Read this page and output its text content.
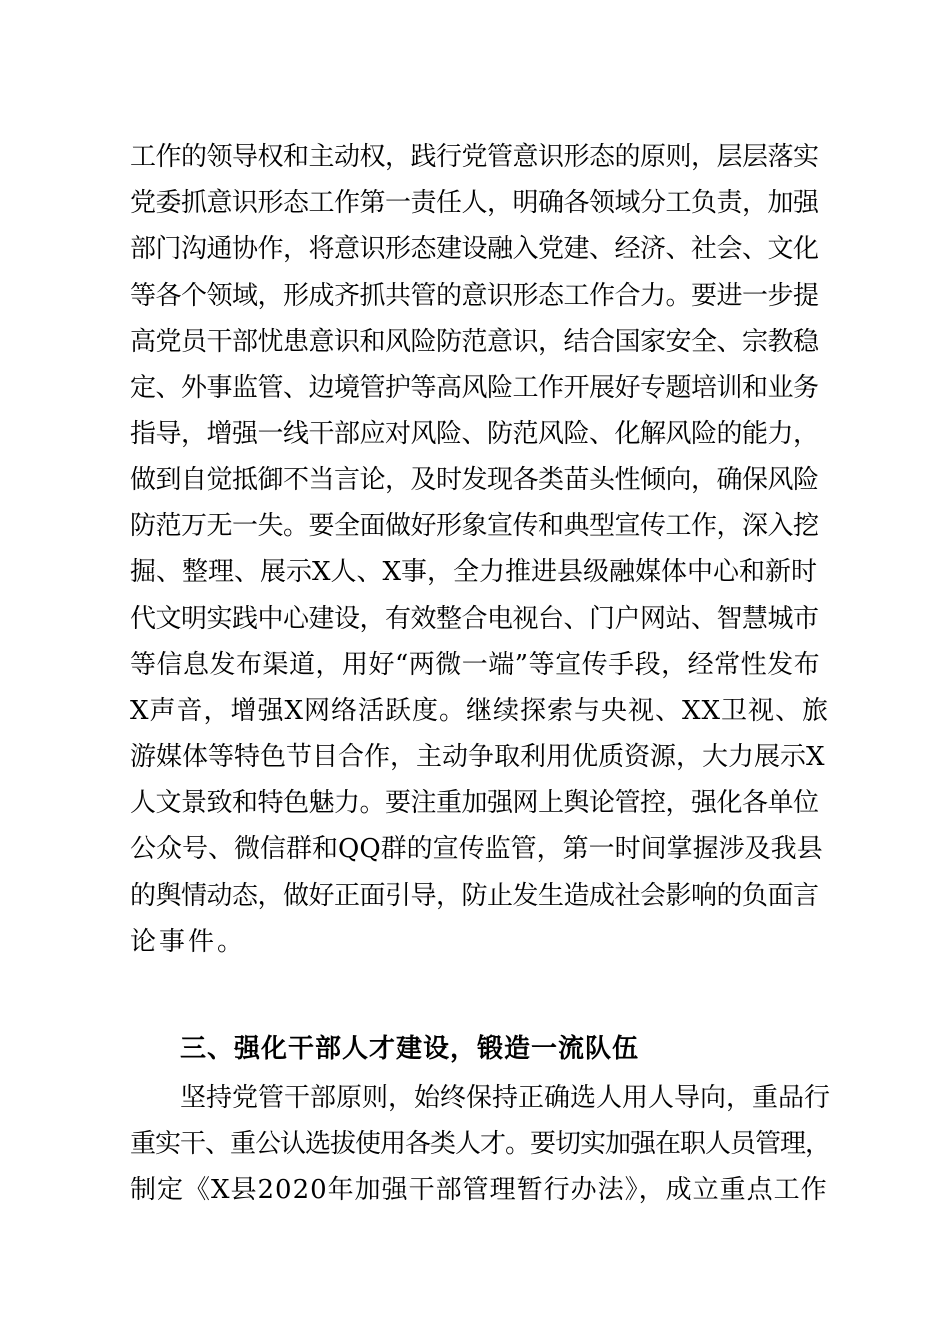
工作的领导权和主动权，践行党管意识形态的原则，层层落实
党委抓意识形态工作第一责任人，明确各领域分工负责，加强
部门沟通协作，将意识形态建设融入党建、经济、社会、文化
等各个领域，形成齐抓共管的意识形态工作合力。要进一步提
高党员干部忧患意识和风险防范意识，结合国家安全、宗教稳
定、外事监管、边境管护等高风险工作开展好专题培训和业务
指导，增强一线干部应对风险、防范风险、化解风险的能力，
做到自觉抵御不当言论，及时发现各类苗头性倾向，确保风险
防范万无一失。要全面做好形象宣传和典型宣传工作，深入挖
掘、整理、展示X人、X事，全力推进县级融媒体中心和新时
代文明实践中心建设，有效整合电视台、门户网站、智慧城市
等信息发布渠道，用好“两微一端”等宣传手段，经常性发布
X声音，增强X网络活跃度。继续探索与央视、XX卫视、旅
游媒体等特色节目合作，主动争取利用优质资源，大力展示X
人文景致和特色魅力。要注重加强网上舆论管控，强化各单位
公众号、微信群和QQ群的宣传监管，第一时间掌握涉及我县
的舆情动态，做好正面引导，防止发生造成社会影响的负面言
论事件。
三、强化干部人才建设，锻造一流队伍
坚持党管干部原则，始终保持正确选人用人导向，重品行
重实干、重公认选拔使用各类人才。要切实加强在职人员管理，
制定《X县2020年加强干部管理暂行办法》，成立重点工作
